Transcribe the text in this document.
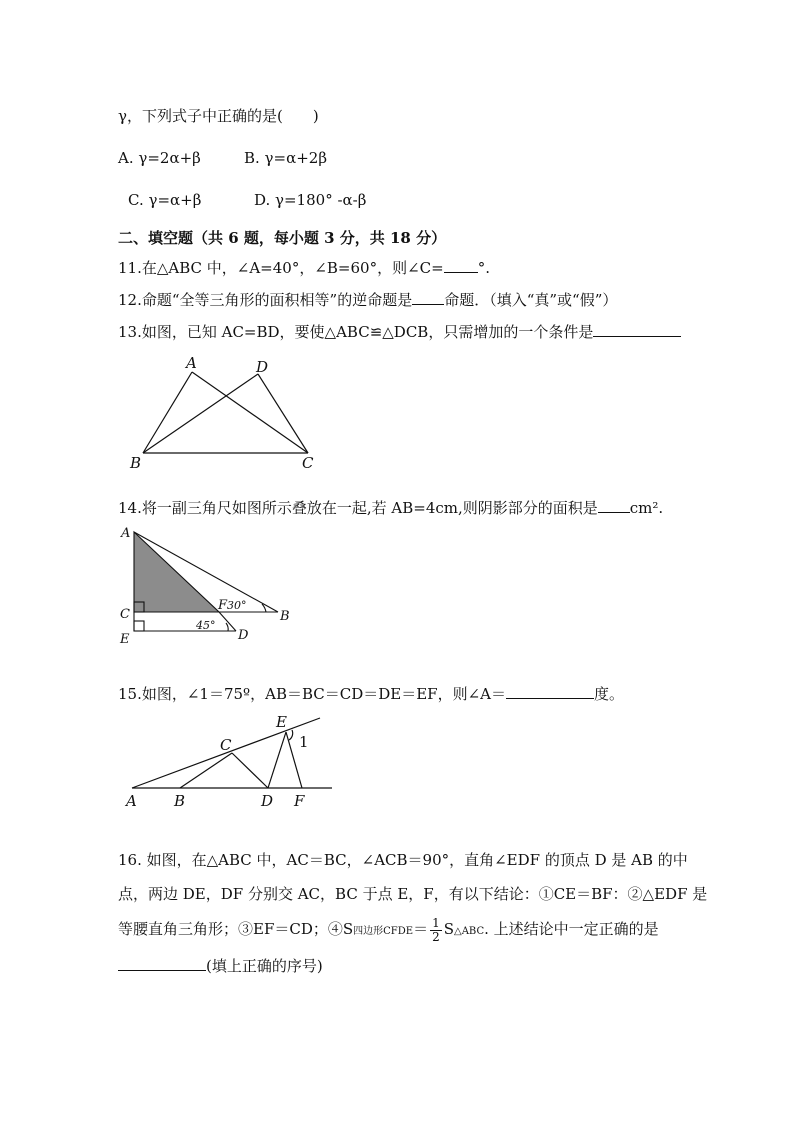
γ，下列式子中正确的是(　　)
A. γ=2α+β	B. γ=α+2β
C. γ=α+β	D. γ=180° -α-β
二、填空题（共 6 题，每小题 3 分，共 18 分）
11.在△ABC 中，∠A=40°，∠B=60°，则∠C= °.
12.命题“全等三角形的面积相等”的逆命题是 命题．（填入“真”或“假”）
13.如图，已知 AC=BD，要使△ABC≌△DCB，只需增加的一个条件是
A	D
B	C
14.将一副三角尺如图所示叠放在一起,若 AB=4cm,则阴影部分的面积是 cm².
A
C
E
F 30°
B
45°
D
15.如图，∠1＝75º，AB＝BC＝CD＝DE＝EF，则∠A＝	度。
A B
C
D
E
F
1
16. 如图，在△ABC 中，AC＝BC，∠ACB＝90°，直角∠EDF 的顶点 D 是 AB 的中
点，两边 DE，DF 分别交 AC，BC 于点 E，F，有以下结论：①CE＝BF：②△EDF 是
等腰直角三角形；③EF＝CD；④S四边形CFDE＝ $\frac{1}{2}$ S△ABC. 上述结论中一定正确的是
(填上正确的序号)
